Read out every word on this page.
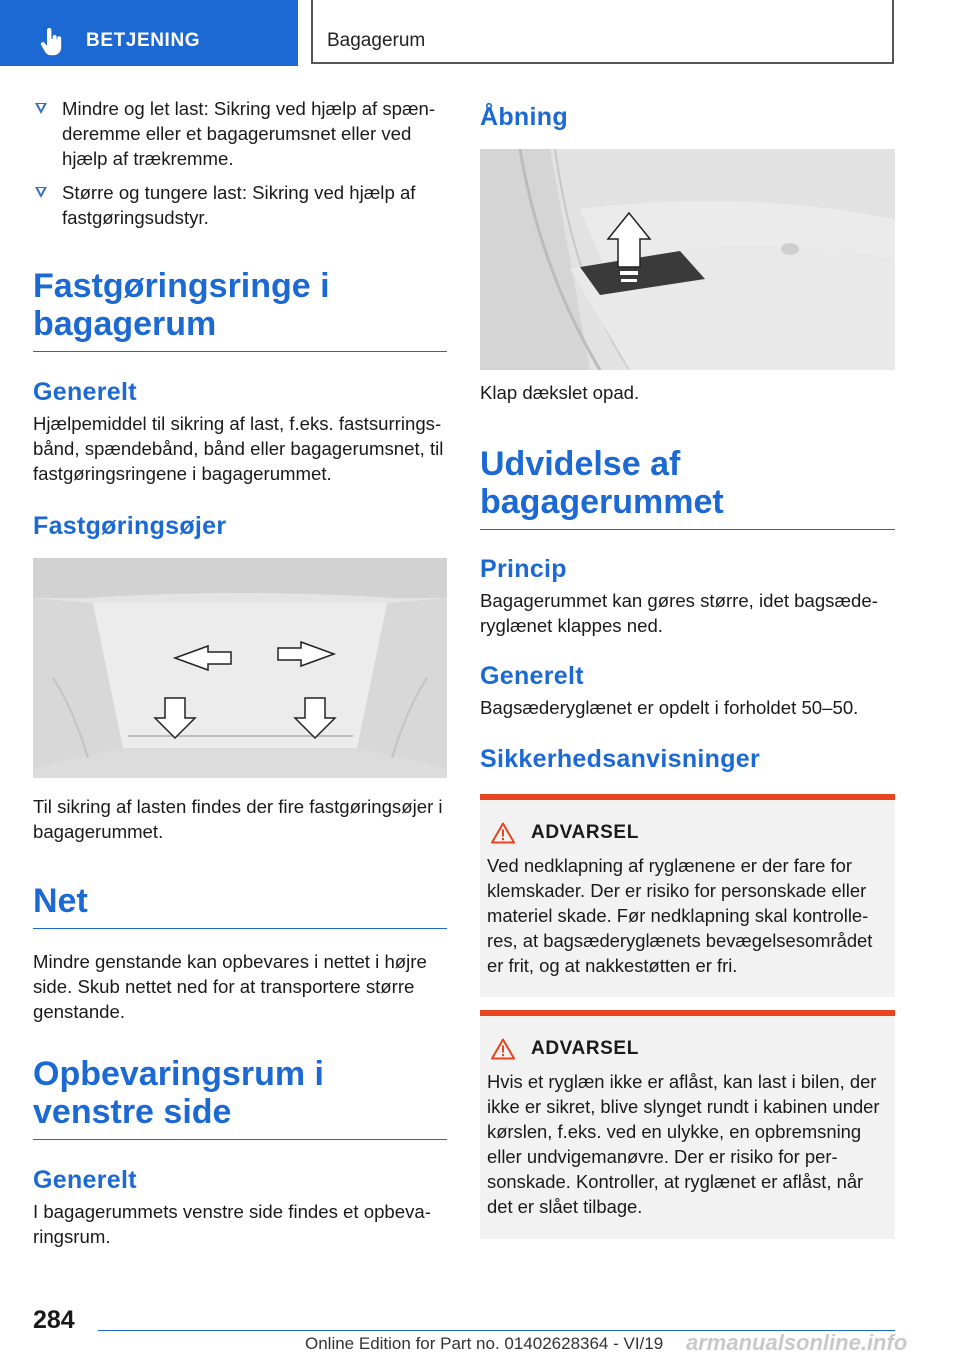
BETJENING	Bagagerum
Mindre og let last: Sikring ved hjælp af spænderemme eller et bagagerumsnet eller ved hjælp af trækremme.
Større og tungere last: Sikring ved hjælp af fastgøringsudstyr.
Fastgøringsringe i bagagerum
Generelt

Hjælpemiddel til sikring af last, f.eks. fastsurringsbånd, spændebånd, bånd eller bagagerumsnet, til fastgøringsringene i bagagerummet.

Fastgøringsøjer

Til sikring af lasten findes der fire fastgøringsøjer i bagagerummet.

Net

Mindre genstande kan opbevares i nettet i højre side. Skub nettet ned for at transportere større genstande.

Opbevaringsrum i venstre side
Generelt

I bagagerummets venstre side findes et opbevaringsrum.

Åbning

Klap dækslet opad.

Udvidelse af bagagerummet
Princip

Bagagerummet kan gøres større, idet bagsæderyglænet klappes ned.

Generelt

Bagsæderyglænet er opdelt i forholdet 50–50.

Sikkerhedsanvisninger
ADVARSEL

Ved nedklapning af ryglænene er der fare for klemskader. Der er risiko for personskade eller materiel skade. Før nedklapning skal kontrolleres, at bagsæderyglænets bevægelsesområdet er frit, og at nakkestøtten er fri.

ADVARSEL

Hvis et ryglæn ikke er aflåst, kan last i bilen, der ikke er sikret, blive slynget rundt i kabinen under kørslen, f.eks. ved en ulykke, en opbremsning eller undvigemanøvre. Der er risiko for personskade. Kontroller, at ryglænet er aflåst, når det er slået tilbage.

284
Online Edition for Part no. 01402628364 - VI/19 armanualsonline.info
